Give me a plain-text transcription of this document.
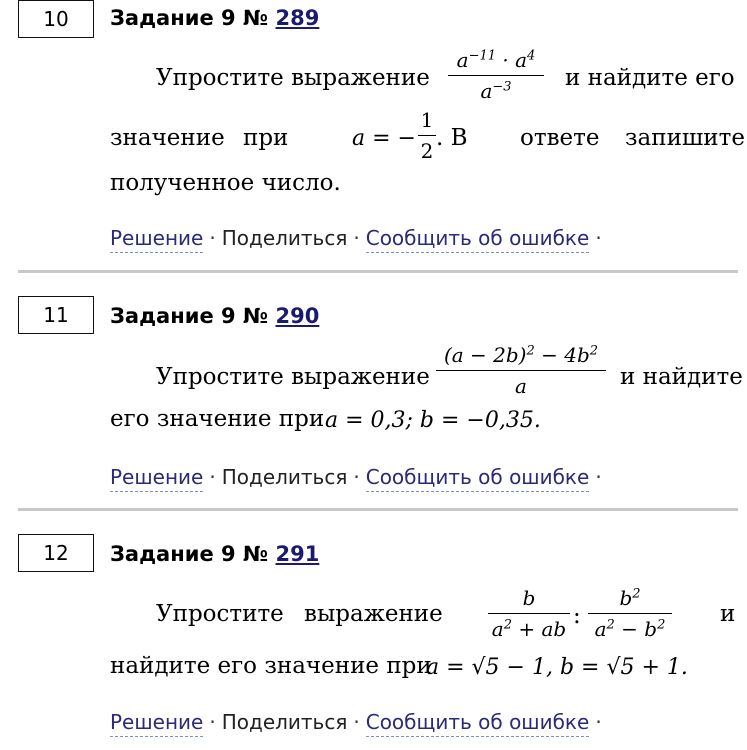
10	Задание 9 № 289
Упростите выражение
$a^{-11} \cdot a^4$
$a^{-3}$	и найдите его
значение при	a = −
1
2
. В ответе запишите
полученное число.
Решение · Поделиться · Сообщить об ошибке ·
11	Задание 9 № 290
Упростите выражение
$(a - 2b)^2 - 4b^2$
a	и найдите
его значение при a = 0,3; b = −0,35.
Решение · Поделиться · Сообщить об ошибке ·
12	Задание 9 № 291
Упростите выражение
b
$a^2$ + ab
:
$b^2$
$a^2 - b^2$ и
найдите его значение при
a = √5 − 1, b = √5 + 1.
Решение · Поделиться · Сообщить об ошибке ·
